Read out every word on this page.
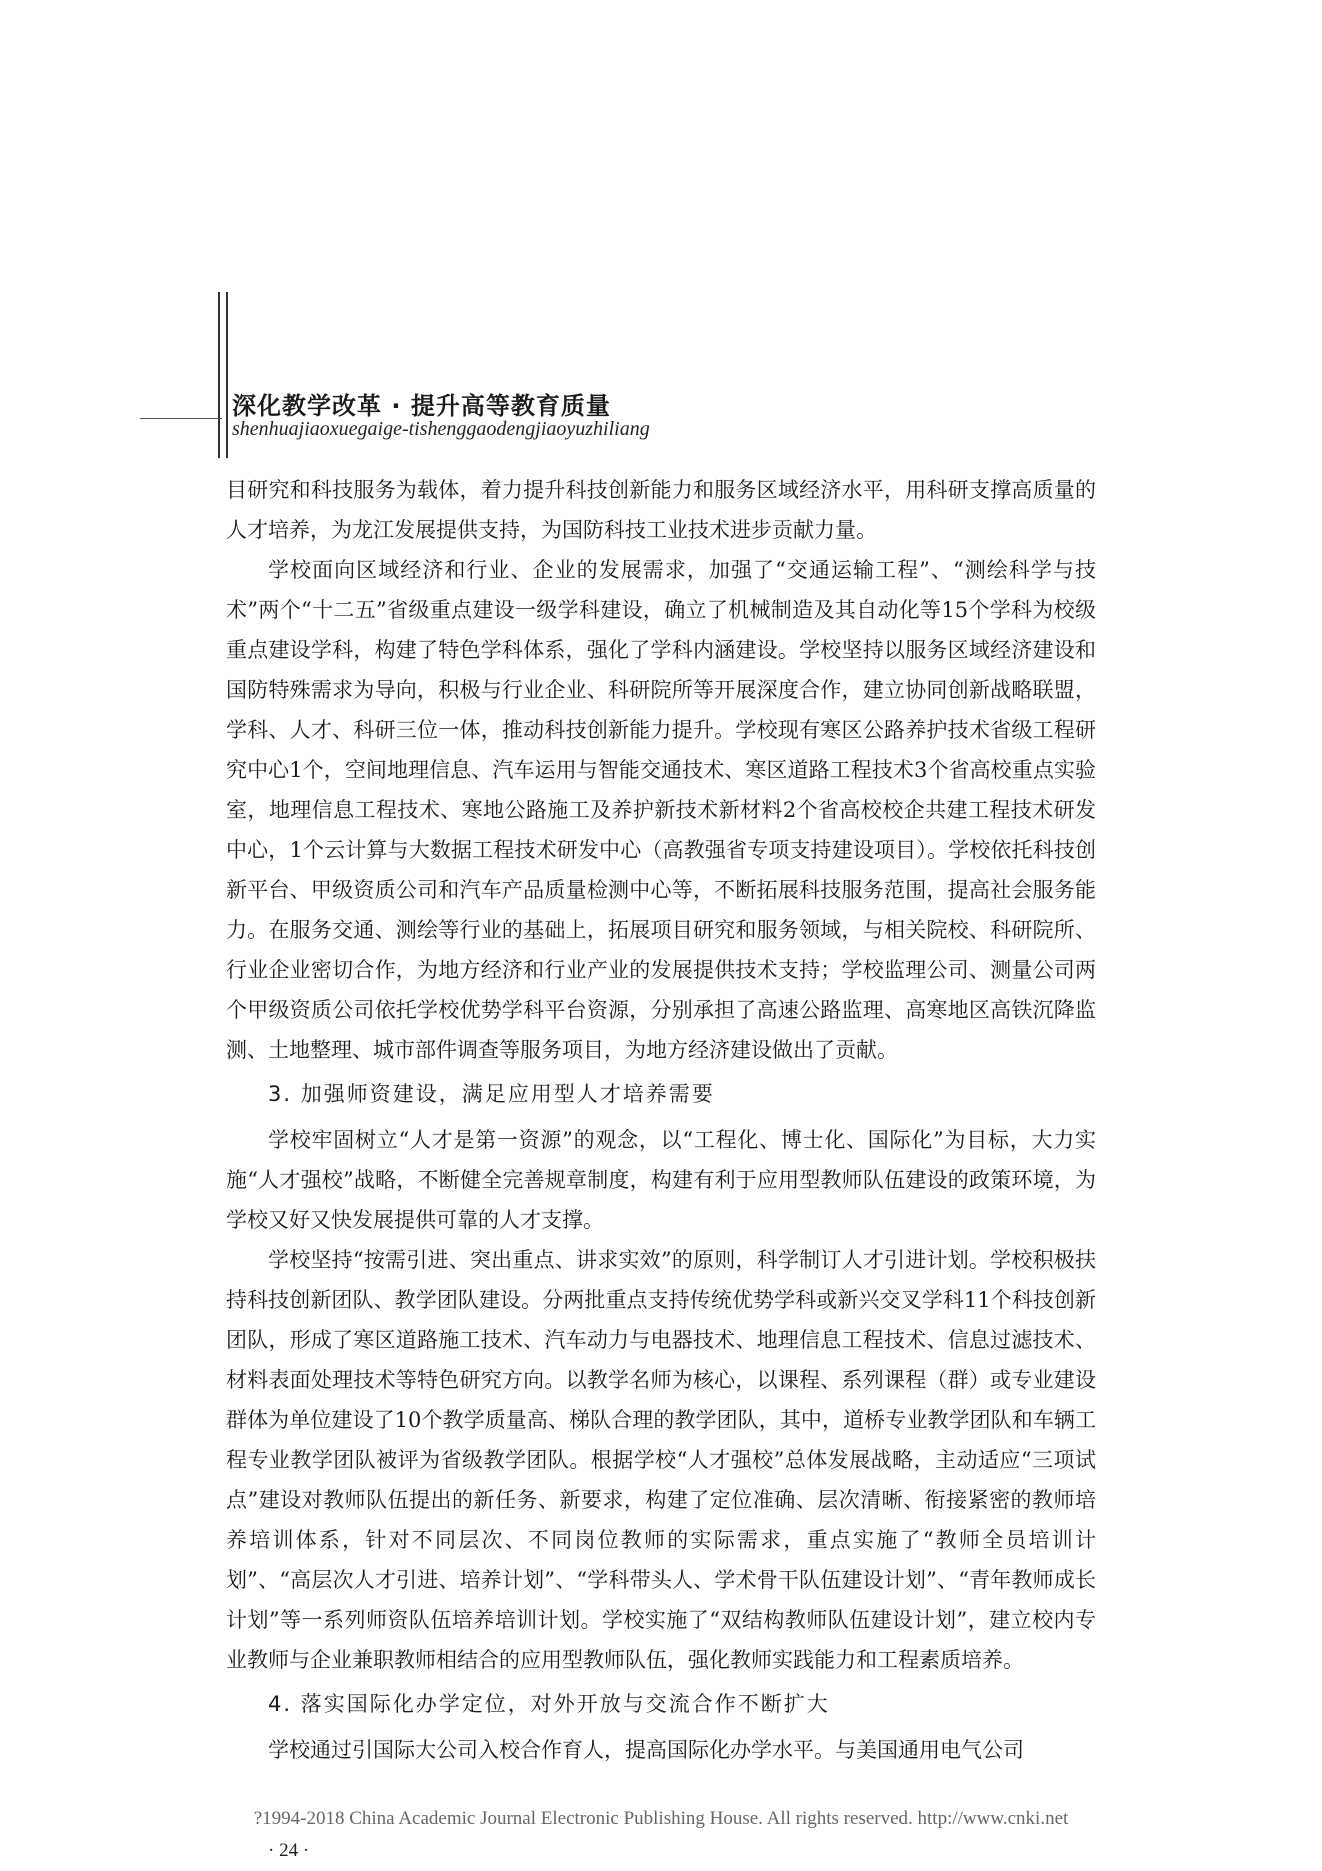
深化教学改革 · 提升高等教育质量
shenhuajiaoxuegaige-tishenggaodengjiaoyuzhiliang

目研究和科技服务为载体，着力提升科技创新能力和服务区域经济水平，用科研支撑高质量的人才培养，为龙江发展提供支持，为国防科技工业技术进步贡献力量。

学校面向区域经济和行业、企业的发展需求，加强了“交通运输工程”、“测绘科学与技术”两个“十二五”省级重点建设一级学科建设，确立了机械制造及其自动化等15个学科为校级重点建设学科，构建了特色学科体系，强化了学科内涵建设。学校坚持以服务区域经济建设和国防特殊需求为导向，积极与行业企业、科研院所等开展深度合作，建立协同创新战略联盟，学科、人才、科研三位一体，推动科技创新能力提升。学校现有寒区公路养护技术省级工程研究中心1个，空间地理信息、汽车运用与智能交通技术、寒区道路工程技术3个省高校重点实验室，地理信息工程技术、寒地公路施工及养护新技术新材料2个省高校校企共建工程技术研发中心，1个云计算与大数据工程技术研发中心（高教强省专项支持建设项目）。学校依托科技创新平台、甲级资质公司和汽车产品质量检测中心等，不断拓展科技服务范围，提高社会服务能力。在服务交通、测绘等行业的基础上，拓展项目研究和服务领域，与相关院校、科研院所、行业企业密切合作，为地方经济和行业产业的发展提供技术支持；学校监理公司、测量公司两个甲级资质公司依托学校优势学科平台资源，分别承担了高速公路监理、高寒地区高铁沉降监测、土地整理、城市部件调查等服务项目，为地方经济建设做出了贡献。

3. 加强师资建设，满足应用型人才培养需要

学校牢固树立“人才是第一资源”的观念，以“工程化、博士化、国际化”为目标，大力实施“人才强校”战略，不断健全完善规章制度，构建有利于应用型教师队伍建设的政策环境，为学校又好又快发展提供可靠的人才支撑。

学校坚持“按需引进、突出重点、讲求实效”的原则，科学制订人才引进计划。学校积极扶持科技创新团队、教学团队建设。分两批重点支持传统优势学科或新兴交叉学科11个科技创新团队，形成了寒区道路施工技术、汽车动力与电器技术、地理信息工程技术、信息过滤技术、材料表面处理技术等特色研究方向。以教学名师为核心，以课程、系列课程（群）或专业建设群体为单位建设了10个教学质量高、梯队合理的教学团队，其中，道桥专业教学团队和车辆工程专业教学团队被评为省级教学团队。根据学校“人才强校”总体发展战略，主动适应“三项试点”建设对教师队伍提出的新任务、新要求，构建了定位准确、层次清晰、衔接紧密的教师培养培训体系，针对不同层次、不同岗位教师的实际需求，重点实施了“教师全员培训计划”、“高层次人才引进、培养计划”、“学科带头人、学术骨干队伍建设计划”、“青年教师成长计划”等一系列师资队伍培养培训计划。学校实施了“双结构教师队伍建设计划”，建立校内专业教师与企业兼职教师相结合的应用型教师队伍，强化教师实践能力和工程素质培养。

4. 落实国际化办学定位，对外开放与交流合作不断扩大

学校通过引国际大公司入校合作育人，提高国际化办学水平。与美国通用电气公司

?1994-2018 China Academic Journal Electronic Publishing House. All rights reserved. http://www.cnki.net
· 24 ·
